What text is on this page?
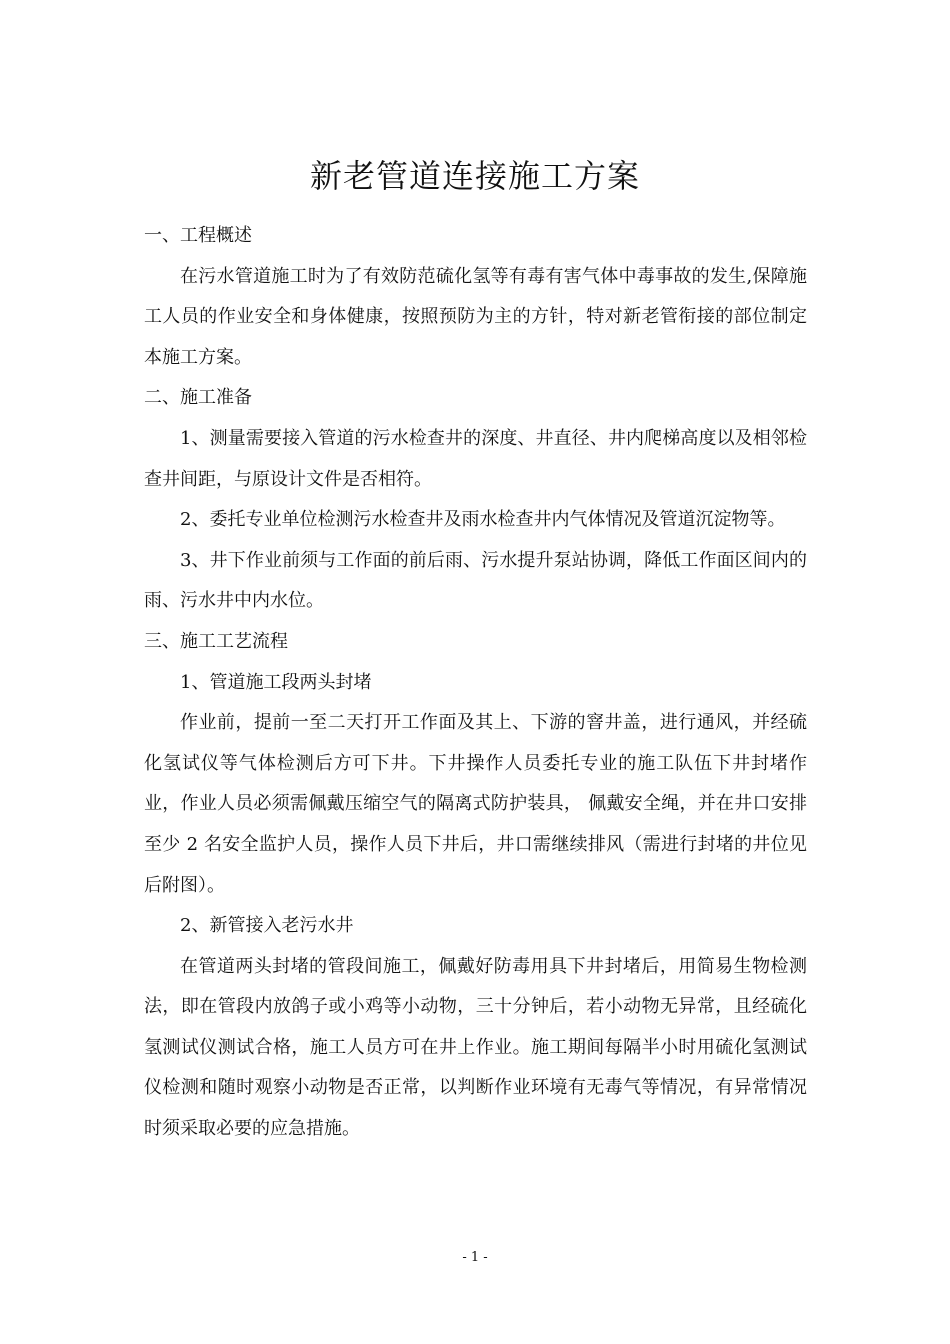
新老管道连接施工方案

一、工程概述

在污水管道施工时为了有效防范硫化氢等有毒有害气体中毒事故的发生,保障施工人员的作业安全和身体健康，按照预防为主的方针，特对新老管衔接的部位制定本施工方案。

二、施工准备

1、测量需要接入管道的污水检查井的深度、井直径、井内爬梯高度以及相邻检查井间距，与原设计文件是否相符。

2、委托专业单位检测污水检查井及雨水检查井内气体情况及管道沉淀物等。

3、井下作业前须与工作面的前后雨、污水提升泵站协调，降低工作面区间内的雨、污水井中内水位。

三、施工工艺流程

1、管道施工段两头封堵

作业前，提前一至二天打开工作面及其上、下游的窨井盖，进行通风，并经硫化氢试仪等气体检测后方可下井。下井操作人员委托专业的施工队伍下井封堵作业，作业人员必须需佩戴压缩空气的隔离式防护装具， 佩戴安全绳，并在井口安排至少 2 名安全监护人员，操作人员下井后，井口需继续排风（需进行封堵的井位见后附图）。

2、新管接入老污水井

在管道两头封堵的管段间施工，佩戴好防毒用具下井封堵后，用简易生物检测法，即在管段内放鸽子或小鸡等小动物，三十分钟后，若小动物无异常，且经硫化氢测试仪测试合格，施工人员方可在井上作业。施工期间每隔半小时用硫化氢测试仪检测和随时观察小动物是否正常，以判断作业环境有无毒气等情况，有异常情况时须采取必要的应急措施。

- 1 -
